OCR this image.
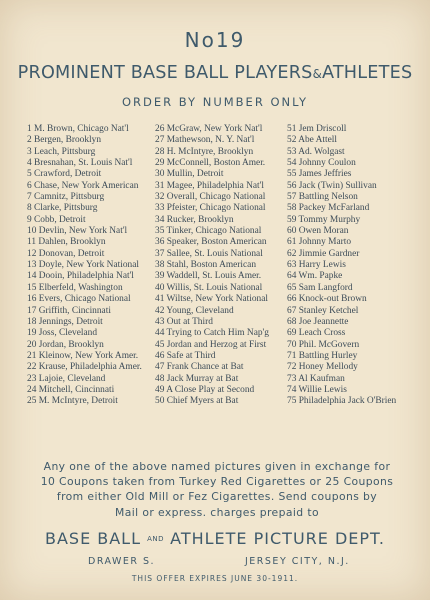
No19
PROMINENT BASE BALL PLAYERS&ATHLETES
ORDER BY NUMBER ONLY
1 M. Brown, Chicago Nat'l
2 Bergen, Brooklyn
3 Leach, Pittsburg
4 Bresnahan, St. Louis Nat'l
5 Crawford, Detroit
6 Chase, New York American
7 Camnitz, Pittsburg
8 Clarke, Pittsburg
9 Cobb, Detroit
10 Devlin, New York Nat'l
11 Dahlen, Brooklyn
12 Donovan, Detroit
13 Doyle, New York National
14 Dooin, Philadelphia Nat'l
15 Elberfeld, Washington
16 Evers, Chicago National
17 Griffith, Cincinnati
18 Jennings, Detroit
19 Joss, Cleveland
20 Jordan, Brooklyn
21 Kleinow, New York Amer.
22 Krause, Philadelphia Amer.
23 Lajoie, Cleveland
24 Mitchell, Cincinnati
25 M. McIntyre, Detroit
26 McGraw, New York Nat'l
27 Mathewson, N. Y. Nat'l
28 H. McIntyre, Brooklyn
29 McConnell, Boston Amer.
30 Mullin, Detroit
31 Magee, Philadelphia Nat'l
32 Overall, Chicago National
33 Pfeister, Chicago National
34 Rucker, Brooklyn
35 Tinker, Chicago National
36 Speaker, Boston American
37 Sallee, St. Louis National
38 Stahl, Boston American
39 Waddell, St. Louis Amer.
40 Willis, St. Louis National
41 Wiltse, New York National
42 Young, Cleveland
43 Out at Third
44 Trying to Catch Him Nap'g
45 Jordan and Herzog at First
46 Safe at Third
47 Frank Chance at Bat
48 Jack Murray at Bat
49 A Close Play at Second
50 Chief Myers at Bat
51 Jem Driscoll
52 Abe Attell
53 Ad. Wolgast
54 Johnny Coulon
55 James Jeffries
56 Jack (Twin) Sullivan
57 Battling Nelson
58 Packey McFarland
59 Tommy Murphy
60 Owen Moran
61 Johnny Marto
62 Jimmie Gardner
63 Harry Lewis
64 Wm. Papke
65 Sam Langford
66 Knock-out Brown
67 Stanley Ketchel
68 Joe Jeannette
69 Leach Cross
70 Phil. McGovern
71 Battling Hurley
72 Honey Mellody
73 Al Kaufman
74 Willie Lewis
75 Philadelphia Jack O'Brien
Any one of the above named pictures given in exchange for
10 Coupons taken from Turkey Red Cigarettes or 25 Coupons
from either Old Mill or Fez Cigarettes. Send coupons by
Mail or express. charges prepaid to
BASE BALL AND ATHLETE PICTURE DEPT.
DRAWER S.	JERSEY CITY, N.J.
THIS OFFER EXPIRES JUNE 30-1911.
